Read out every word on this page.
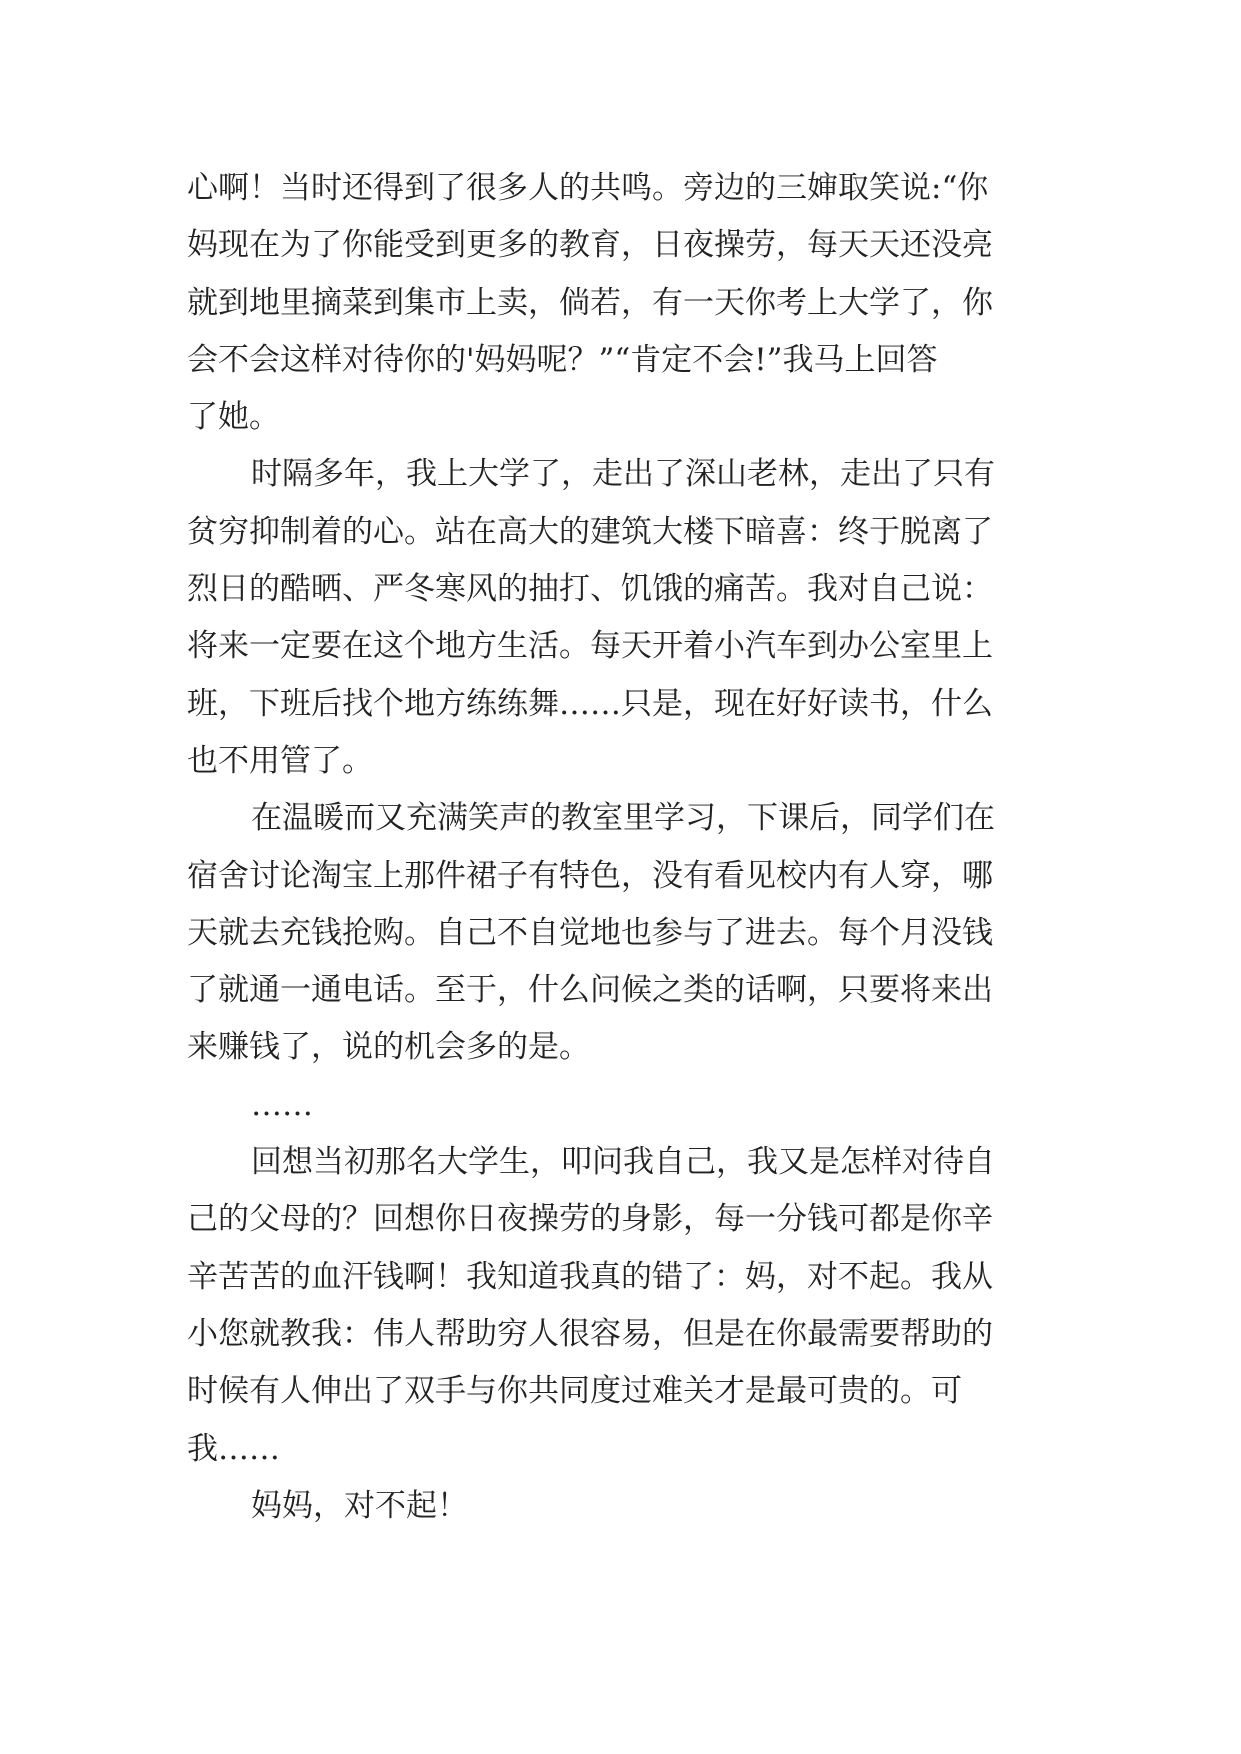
心啊！当时还得到了很多人的共鸣。旁边的三婶取笑说:“你
妈现在为了你能受到更多的教育，日夜操劳，每天天还没亮
就到地里摘菜到集市上卖，倘若，有一天你考上大学了，你
会不会这样对待你的'妈妈呢？”“肯定不会!”我马上回答
了她。
时隔多年，我上大学了，走出了深山老林，走出了只有
贫穷抑制着的心。站在高大的建筑大楼下暗喜：终于脱离了
烈日的酷晒、严冬寒风的抽打、饥饿的痛苦。我对自己说：
将来一定要在这个地方生活。每天开着小汽车到办公室里上
班，下班后找个地方练练舞……只是，现在好好读书，什么
也不用管了。
在温暖而又充满笑声的教室里学习，下课后，同学们在
宿舍讨论淘宝上那件裙子有特色，没有看见校内有人穿，哪
天就去充钱抢购。自己不自觉地也参与了进去。每个月没钱
了就通一通电话。至于，什么问候之类的话啊，只要将来出
来赚钱了，说的机会多的是。
……
回想当初那名大学生，叩问我自己，我又是怎样对待自
己的父母的？回想你日夜操劳的身影，每一分钱可都是你辛
辛苦苦的血汗钱啊！我知道我真的错了：妈，对不起。我从
小您就教我：伟人帮助穷人很容易，但是在你最需要帮助的
时候有人伸出了双手与你共同度过难关才是最可贵的。可
我……
妈妈，对不起！
